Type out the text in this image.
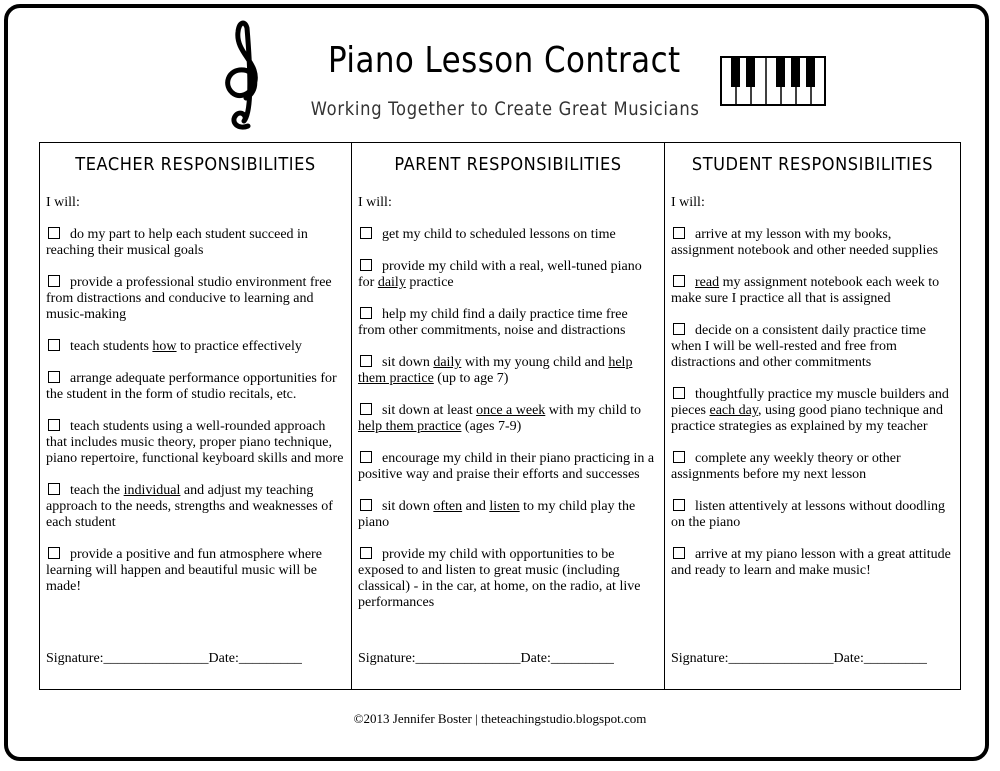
Piano Lesson Contract
Working Together to Create Great Musicians
TEACHER RESPONSIBILITIES
I will:
do my part to help each student succeed in reaching their musical goals
provide a professional studio environment free from distractions and conducive to learning and music-making
teach students how to practice effectively
arrange adequate performance opportunities for the student in the form of studio recitals, etc.
teach students using a well-rounded approach that includes music theory, proper piano technique, piano repertoire, functional keyboard skills and more
teach the individual and adjust my teaching approach to the needs, strengths and weaknesses of each student
provide a positive and fun atmosphere where learning will happen and beautiful music will be made!
Signature:_______________Date:_________
PARENT RESPONSIBILITIES
I will:
get my child to scheduled lessons on time
provide my child with a real, well-tuned piano for daily practice
help my child find a daily practice time free from other commitments, noise and distractions
sit down daily with my young child and help them practice (up to age 7)
sit down at least once a week with my child to help them practice (ages 7-9)
encourage my child in their piano practicing in a positive way and praise their efforts and successes
sit down often and listen to my child play the piano
provide my child with opportunities to be exposed to and listen to great music (including classical) - in the car, at home, on the radio, at live performances
Signature:_______________Date:_________
STUDENT RESPONSIBILITIES
I will:
arrive at my lesson with my books, assignment notebook and other needed supplies
read my assignment notebook each week to make sure I practice all that is assigned
decide on a consistent daily practice time when I will be well-rested and free from distractions and other commitments
thoughtfully practice my muscle builders and pieces each day, using good piano technique and practice strategies as explained by my teacher
complete any weekly theory or other assignments before my next lesson
listen attentively at lessons without doodling on the piano
arrive at my piano lesson with a great attitude and ready to learn and make music!
Signature:_______________Date:_________
©2013 Jennifer Boster | theteachingstudio.blogspot.com
